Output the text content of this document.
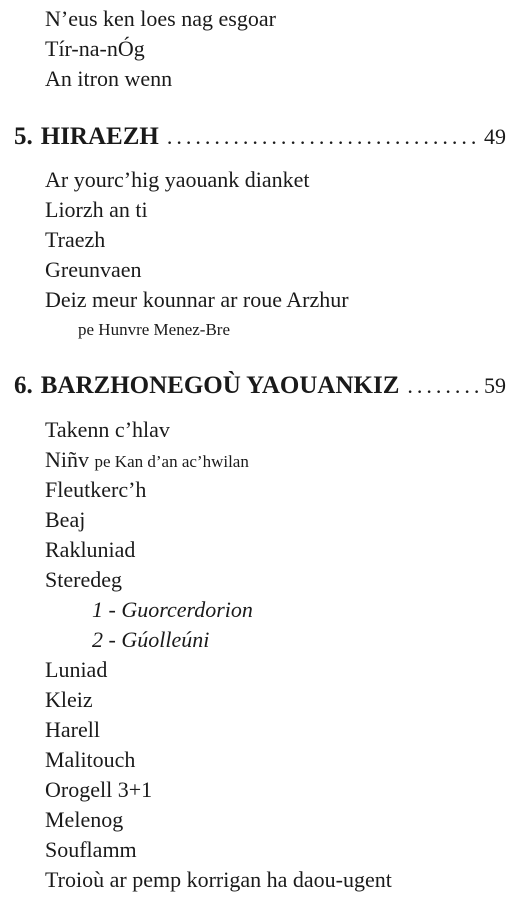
N’eus ken loes nag esgoar
Tír-na-nÓg
An itron wenn
5. HIRAEZH .....	49
Ar yourc’hig yaouank dianket
Liorzh an ti
Traezh
Greunvaen
Deiz meur kounnar ar roue Arzhur
pe Hunvre Menez-Bre
6. BARZHONEGOÙ YAOUANKIZ .....	59
Takenn c’hlav
Niñv pe Kan d’an ac’hwilan
Fleutkerc’h
Beaj
Rakluniad
Steredeg
1 - Guorcerdorion
2 - Gúolleúni
Luniad
Kleiz
Harell
Malitouch
Orogell 3+1
Melenog
Souflamm
Troioù ar pemp korrigan ha daou-ugent
